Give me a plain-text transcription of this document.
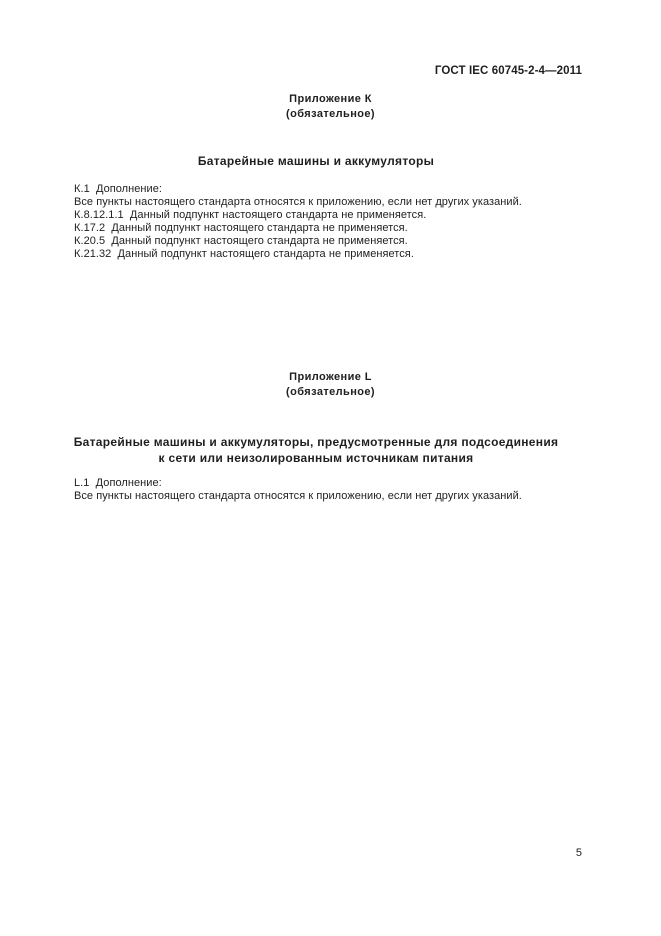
ГОСТ IEC 60745-2-4—2011
Приложение К
(обязательное)
Батарейные машины и аккумуляторы
К.1  Дополнение:
Все пункты настоящего стандарта относятся к приложению, если нет других указаний.
К.8.12.1.1  Данный подпункт настоящего стандарта не применяется.
К.17.2  Данный подпункт настоящего стандарта не применяется.
К.20.5  Данный подпункт настоящего стандарта не применяется.
К.21.32  Данный подпункт настоящего стандарта не применяется.
Приложение L
(обязательное)
Батарейные машины и аккумуляторы, предусмотренные для подсоединения
к сети или неизолированным источникам питания
L.1  Дополнение:
Все пункты настоящего стандарта относятся к приложению, если нет других указаний.
5
